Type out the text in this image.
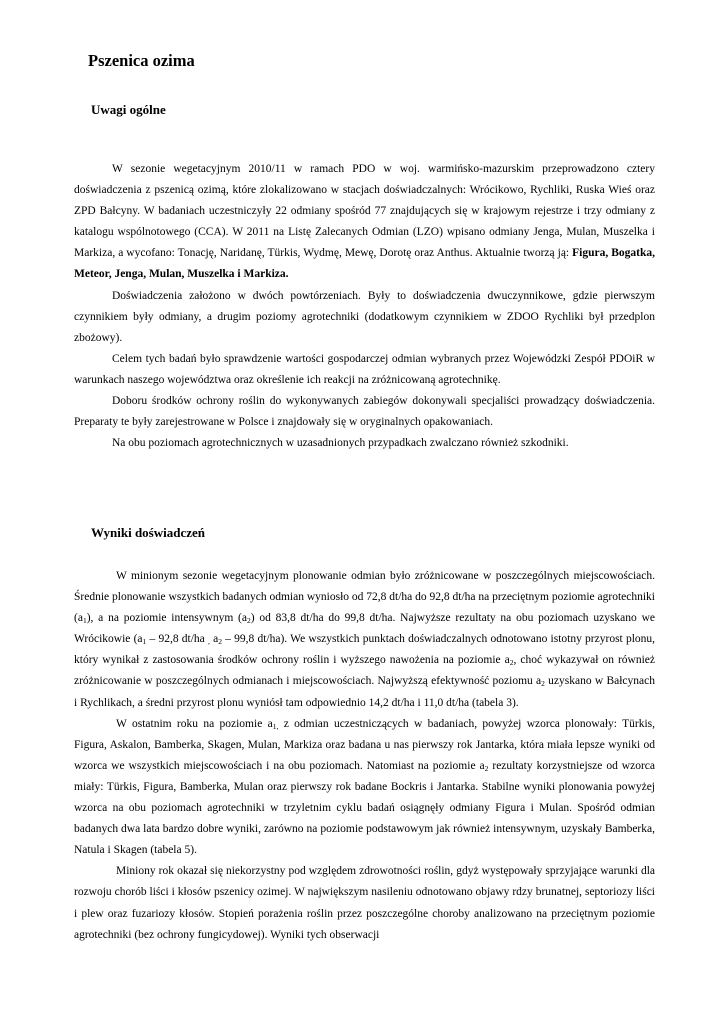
Pszenica ozima
Uwagi ogólne

W sezonie wegetacyjnym 2010/11 w ramach PDO w woj. warmińsko-mazurskim przeprowadzono cztery doświadczenia z pszenicą ozimą, które zlokalizowano w stacjach doświadczalnych: Wrócikowo, Rychliki, Ruska Wieś oraz ZPD Bałcyny. W badaniach uczestniczyły 22 odmiany spośród 77 znajdujących się w krajowym rejestrze i trzy odmiany z katalogu wspólnotowego (CCA). W 2011 na Listę Zalecanych Odmian (LZO) wpisano odmiany Jenga, Mulan, Muszelka i Markiza, a wycofano: Tonację, Naridanę, Türkis, Wydmę, Mewę, Dorotę oraz Anthus. Aktualnie tworzą ją: Figura, Bogatka, Meteor, Jenga, Mulan, Muszelka i Markiza.

Doświadczenia założono w dwóch powtórzeniach. Były to doświadczenia dwuczynnikowe, gdzie pierwszym czynnikiem były odmiany, a drugim poziomy agrotechniki (dodatkowym czynnikiem w ZDOO Rychliki był przedplon zbożowy).

Celem tych badań było sprawdzenie wartości gospodarczej odmian wybranych przez Wojewódzki Zespół PDOiR w warunkach naszego województwa oraz określenie ich reakcji na zróżnicowaną agrotechnikę.

Doboru środków ochrony roślin do wykonywanych zabiegów dokonywali specjaliści prowadzący doświadczenia. Preparaty te były zarejestrowane w Polsce i znajdowały się w oryginalnych opakowaniach.

Na obu poziomach agrotechnicznych w uzasadnionych przypadkach zwalczano również szkodniki.

Wyniki doświadczeń

W minionym sezonie wegetacyjnym plonowanie odmian było zróżnicowane w poszczególnych miejscowościach. Średnie plonowanie wszystkich badanych odmian wyniosło od 72,8 dt/ha do 92,8 dt/ha na przeciętnym poziomie agrotechniki $(a_1)$, a na poziomie intensywnym $(a_2)$ od 83,8 dt/ha do 99,8 dt/ha. Najwyższe rezultaty na obu poziomach uzyskano we Wrócikowie ($a_1 - 92,8$ dt/ha $_,$ $a_2 - 99,8$ dt/ha). We wszystkich punktach doświadczalnych odnotowano istotny przyrost plonu, który wynikał z zastosowania środków ochrony roślin i wyższego nawożenia na poziomie $a_2$, choć wykazywał on również zróżnicowanie w poszczególnych odmianach i miejscowościach. Najwyższą efektywność poziomu $a_2$ uzyskano w Bałcynach i Rychlikach, a średni przyrost plonu wyniósł tam odpowiednio 14,2 dt/ha i 11,0 dt/ha (tabela 3).

W ostatnim roku na poziomie $a_{1,}$ z odmian uczestniczących w badaniach, powyżej wzorca plonowały: Türkis, Figura, Askalon, Bamberka, Skagen, Mulan, Markiza oraz badana u nas pierwszy rok Jantarka, która miała lepsze wyniki od wzorca we wszystkich miejscowościach i na obu poziomach. Natomiast na poziomie $a_2$ rezultaty korzystniejsze od wzorca miały: Türkis, Figura, Bamberka, Mulan oraz pierwszy rok badane Bockris i Jantarka. Stabilne wyniki plonowania powyżej wzorca na obu poziomach agrotechniki w trzyletnim cyklu badań osiągnęły odmiany Figura i Mulan. Spośród odmian badanych dwa lata bardzo dobre wyniki, zarówno na poziomie podstawowym jak również intensywnym, uzyskały Bamberka, Natula i Skagen (tabela 5).

Miniony rok okazał się niekorzystny pod względem zdrowotności roślin, gdyż występowały sprzyjające warunki dla rozwoju chorób liści i kłosów pszenicy ozimej. W największym nasileniu odnotowano objawy rdzy brunatnej, septoriozy liści i plew oraz fuzariozy kłosów. Stopień porażenia roślin przez poszczególne choroby analizowano na przeciętnym poziomie agrotechniki (bez ochrony fungicydowej). Wyniki tych obserwacji
